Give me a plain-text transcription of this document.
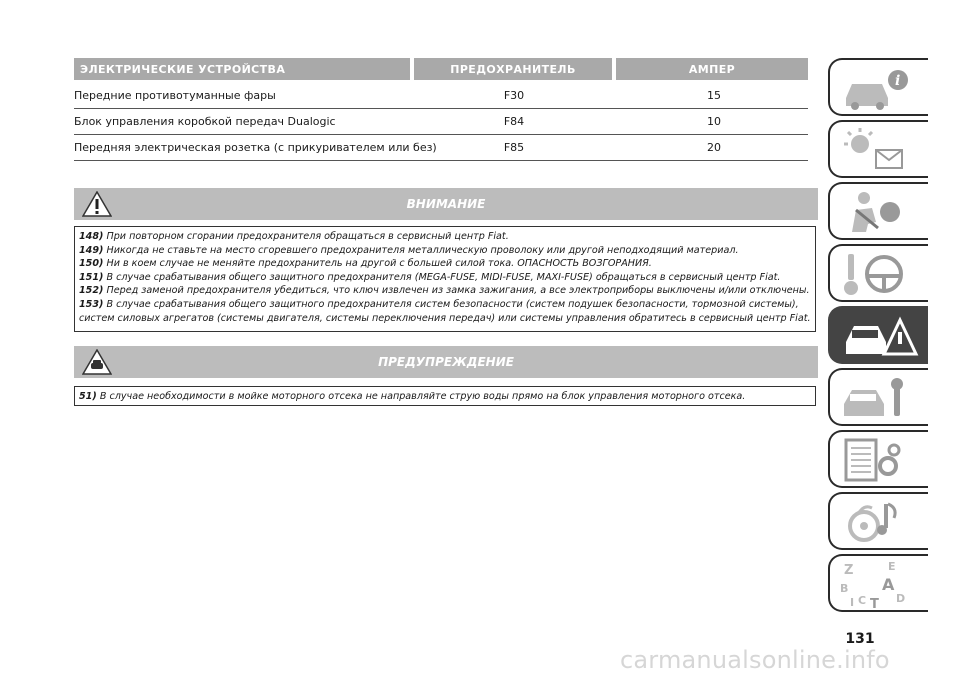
ЭЛЕКТРИЧЕСКИЕ УСТРОЙСТВА	ПРЕДОХРАНИТЕЛЬ	АМПЕР
Передние противотуманные фары	F30	15
Блок управления коробкой передач Dualogic	F84	10
Передняя электрическая розетка (с прикуривателем или без)	F85	20
ВНИМАНИЕ
148) При повторном сгорании предохранителя обращаться в сервисный центр Fiat.
149) Никогда не ставьте на место сгоревшего предохранителя металлическую проволоку или другой неподходящий материал.
150) Ни в коем случае не меняйте предохранитель на другой с большей силой тока. ОПАСНОСТЬ ВОЗГОРАНИЯ.
151) В случае срабатывания общего защитного предохранителя (MEGA-FUSE, MIDI-FUSE, MAXI-FUSE) обращаться в сервисный центр Fiat.
152) Перед заменой предохранителя убедиться, что ключ извлечен из замка зажигания, а все электроприборы выключены и/или отключены.
153) В случае срабатывания общего защитного предохранителя систем безопасности (систем подушек безопасности, тормозной системы),
систем силовых агрегатов (системы двигателя, системы переключения передач) или системы управления обратитесь в сервисный центр Fiat.
ПРЕДУПРЕЖДЕНИЕ
51) В случае необходимости в мойке моторного отсека не направляйте струю воды прямо на блок управления моторного отсека.
i
Z	E
B A
C T D
I
131
carmanualsonline.info
